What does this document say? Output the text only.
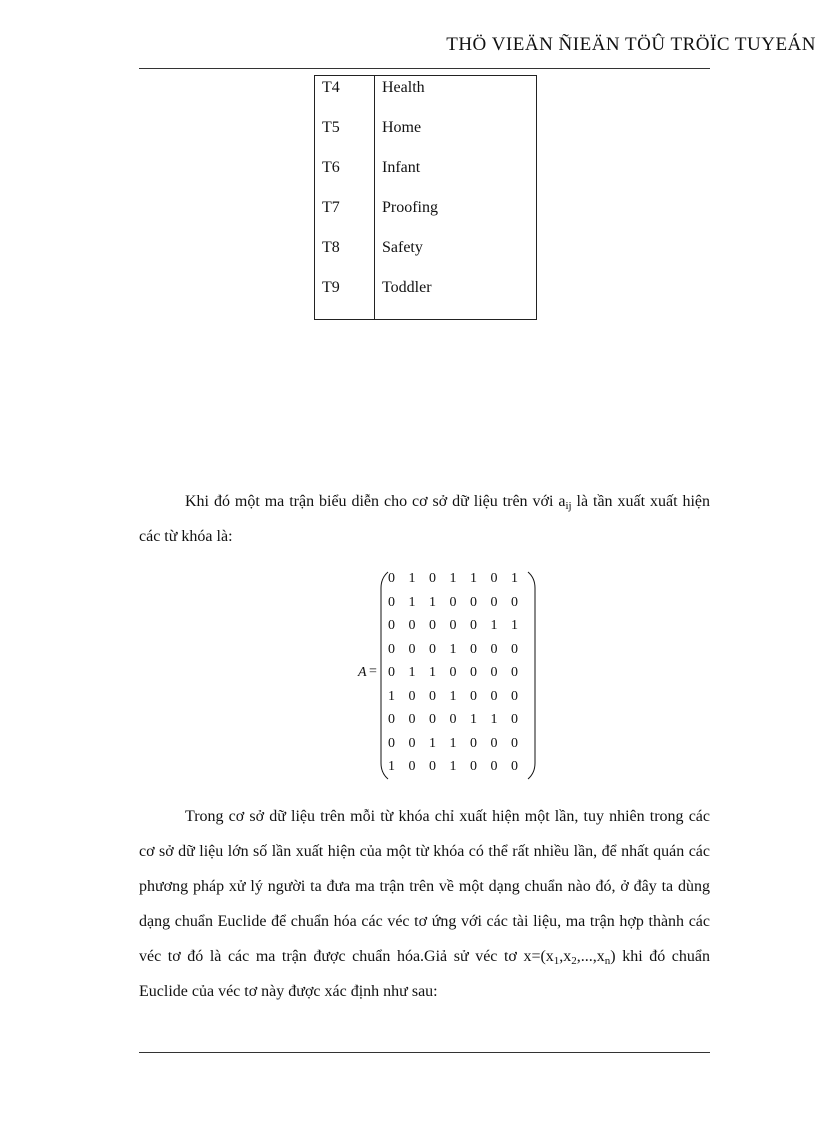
THÖ VIEÄN ÑIEÄN TÖÛ TRÖÏC TUYEÁN
T4	Health
T5	Home
T6	Infant
T7	Proofing
T8	Safety
T9	Toddler
Khi đó một ma trận biểu diễn cho cơ sở dữ liệu trên với $a_{ij}$ là tần xuất xuất hiện các từ khóa là:
A =
0 1 0 1 1 0 1
0 1 1 0 0 0 0
0 0 0 0 0 1 1
0 0 0 1 0 0 0
0 1 1 0 0 0 0
1 0 0 1 0 0 0
0 0 0 0 1 1 0
0 0 1 1 0 0 0
1 0 0 1 0 0 0
Trong cơ sở dữ liệu trên mỗi từ khóa chỉ xuất hiện một lần, tuy nhiên trong các cơ sở dữ liệu lớn số lần xuất hiện của một từ khóa có thể rất nhiều lần, để nhất quán các phương pháp xử lý người ta đưa ma trận trên về một dạng chuẩn nào đó, ở đây ta dùng dạng chuẩn Euclide để chuẩn hóa các véc tơ ứng với các tài liệu, ma trận hợp thành các véc tơ đó là các ma trận được chuẩn hóa.Giả sử véc tơ $x=(x_1,x_2,...,x_n)$ khi đó chuẩn Euclide của véc tơ này được xác định như sau:
